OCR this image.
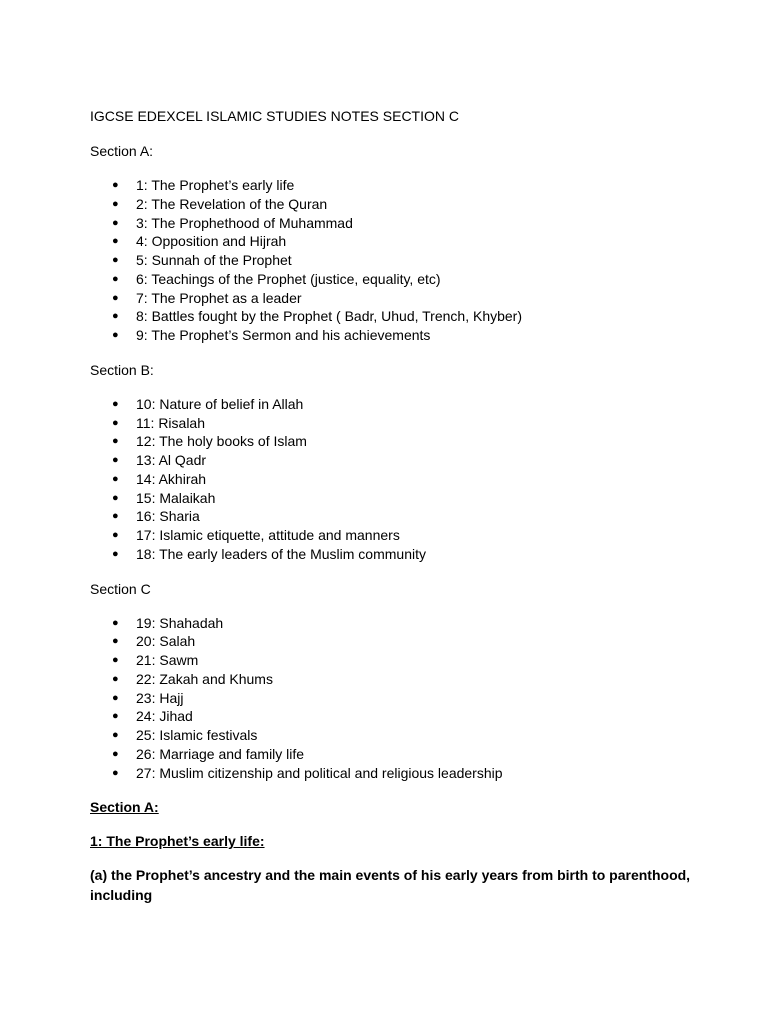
IGCSE EDEXCEL ISLAMIC STUDIES NOTES SECTION C

Section A:

● 1: The Prophet’s early life
● 2: The Revelation of the Quran
● 3: The Prophethood of Muhammad
● 4: Opposition and Hijrah
● 5: Sunnah of the Prophet
● 6: Teachings of the Prophet (justice, equality, etc)
● 7: The Prophet as a leader
● 8: Battles fought by the Prophet ( Badr, Uhud, Trench, Khyber)
● 9: The Prophet’s Sermon and his achievements

Section B:

● 10: Nature of belief in Allah
● 11: Risalah
● 12: The holy books of Islam
● 13: Al Qadr
● 14: Akhirah
● 15: Malaikah
● 16: Sharia
● 17: Islamic etiquette, attitude and manners
● 18: The early leaders of the Muslim community

Section C

● 19: Shahadah
● 20: Salah
● 21: Sawm
● 22: Zakah and Khums
● 23: Hajj
● 24: Jihad
● 25: Islamic festivals
● 26: Marriage and family life
● 27: Muslim citizenship and political and religious leadership

Section A:

1: The Prophet’s early life:

(a) the Prophet’s ancestry and the main events of his early years from birth to parenthood, including
